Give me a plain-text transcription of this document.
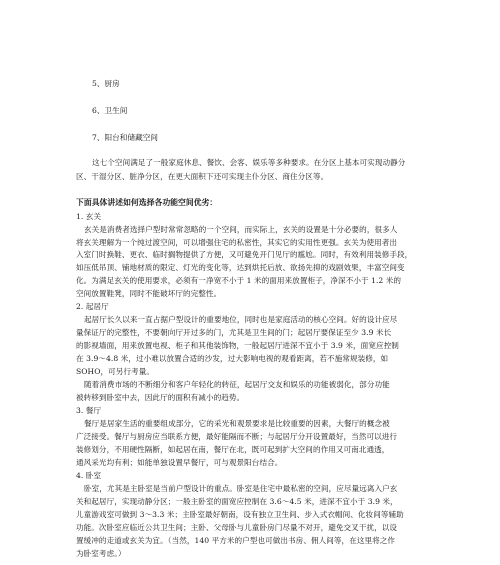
5、厨房
6、卫生间
7、阳台和储藏空间
这七个空间满足了一般家庭休息、餐饮、会客、娱乐等多种要求。在分区上基本可实现动静分
区、干湿分区、脏净分区，在更大面积下还可实现主仆分区、商住分区等。
下面具体讲述如何选择各功能空间优劣：
1. 玄关
玄关是消费者选择户型时常常忽略的一个空间，而实际上，玄关的设置是十分必要的，很多人
将玄关理解为一个纯过渡空间，可以增强住宅的私密性，其实它的实用性更强。玄关为使用者出
入室门时换鞋、更衣、临时搁物提供了方便，又可避免开门见厅的尴尬。同时，有效利用装修手段，
如压低吊顶、铺地材质的限定、灯光的变化等，达到烘托后放、欲扬先抑的戏剧效果，丰富空间变
化。为满足玄关的使用要求，必须有一净宽不小于 1 米的面用来放置柜子，净深不小于 1.2 米的
空间放置鞋凳，同时不能破坏厅的完整性。
2. 起居厅
起居厅长久以来一直占据户型设计的重要地位，同时也是家庭活动的核心空间。好的设计应尽
量保证厅的完整性，不要朝向厅开过多的门，尤其是卫生间的门；起居厅要保证至少 3.9 米长
的影视墙面，用来放置电视、柜子和其他装饰物，一般起居厅进深不宜小于 3.9 米，面宽应控制
在 3.9～4.8 米，过小难以放置合适的沙发，过大影响电视的观看距离，若不施常规装修，如
SOHO，可另行考量。
随着消费市场的不断细分和客户年轻化的转征，起居厅交友和娱乐的功能被弱化，部分功能
被转移到卧室中去，因此厅的面积有减小的趋势。
3. 餐厅
餐厅是居家生活的重要组成部分，它的采光和观景要求是比较重要的因素，大餐厅的概念被
广泛接受。餐厅与厨房应当联系方便，最好能隔而不断；与起居厅分开设置最好，当然可以进行
装修划分，不用硬性隔断，如起居在南，餐厅在北，既可起到扩大空间的作用又可南北通透，
通风采光均有利；如能单独设置早餐厅，可与观景阳台结合。
4. 卧室
卧室，尤其是主卧室是当前户型设计的重点。卧室是住宅中最私密的空间，应尽量远离入户玄
关和起居厅，实现动静分区；一般主卧室的面宽应控制在 3.6～4.5 米，进深不宜小于 3.9 米，
儿童游戏室可做到 3～3.3 米；主卧室最好朝南，设有独立卫生间、步入式衣帽间、化妆间等辅助
功能。次卧室应临近公共卫生间；主卧、父母卧与儿童卧房门尽量不对开，避免交叉干扰，以设
置缓冲的走道或玄关为宜。（当然，140 平方米的户型也可做出书房、佣人间等，在这里将之作
为卧室考虑。）
